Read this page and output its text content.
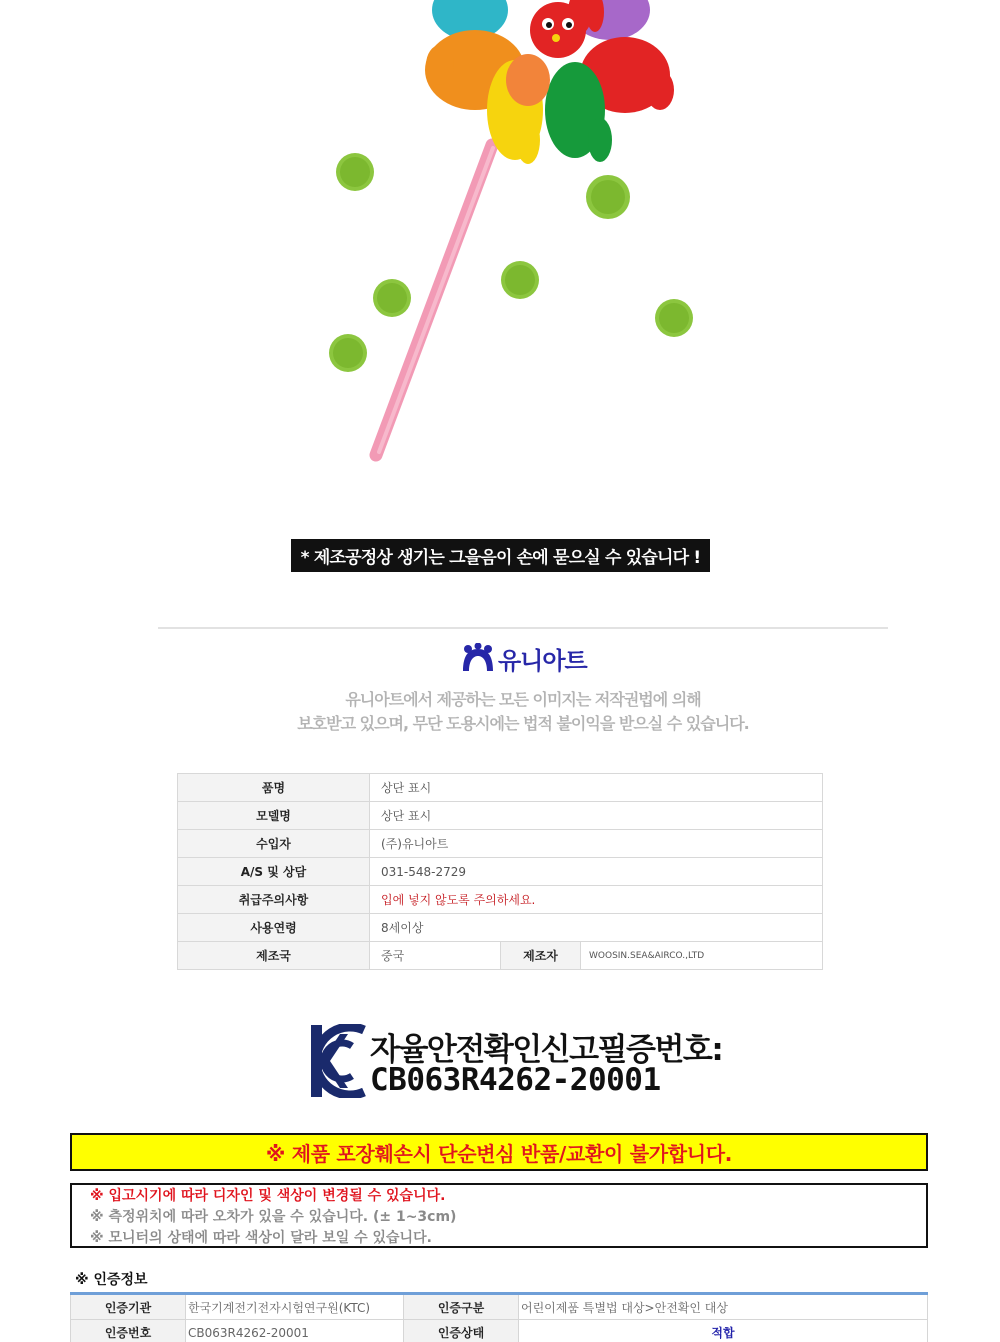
* 제조공정상 생기는 그을음이 손에 묻으실 수 있습니다 !
유니아트
유니아트에서 제공하는 모든 이미지는 저작권법에 의해
보호받고 있으며, 무단 도용시에는 법적 불이익을 받으실 수 있습니다.
품명	상단 표시		
모델명	상단 표시		
수입자	(주)유니아트		
A/S 및 상담	031-548-2729		
취급주의사항	입에 넣지 않도록 주의하세요.		
사용연령	8세이상		
제조국	중국	제조자	WOOSIN.SEA&AIRCO.,LTD
자율안전확인신고필증번호:
CB063R4262-20001
※ 제품 포장훼손시 단순변심 반품/교환이 불가합니다.
※ 입고시기에 따라 디자인 및 색상이 변경될 수 있습니다.
※ 측정위치에 따라 오차가 있을 수 있습니다. (± 1~3cm)
※ 모니터의 상태에 따라 색상이 달라 보일 수 있습니다.
※ 인증정보
인증기관	한국기계전기전자시험연구원(KTC)	인증구분	어린이제품 특별법 대상>안전확인 대상
인증번호	CB063R4262-20001	인증상태	적합
